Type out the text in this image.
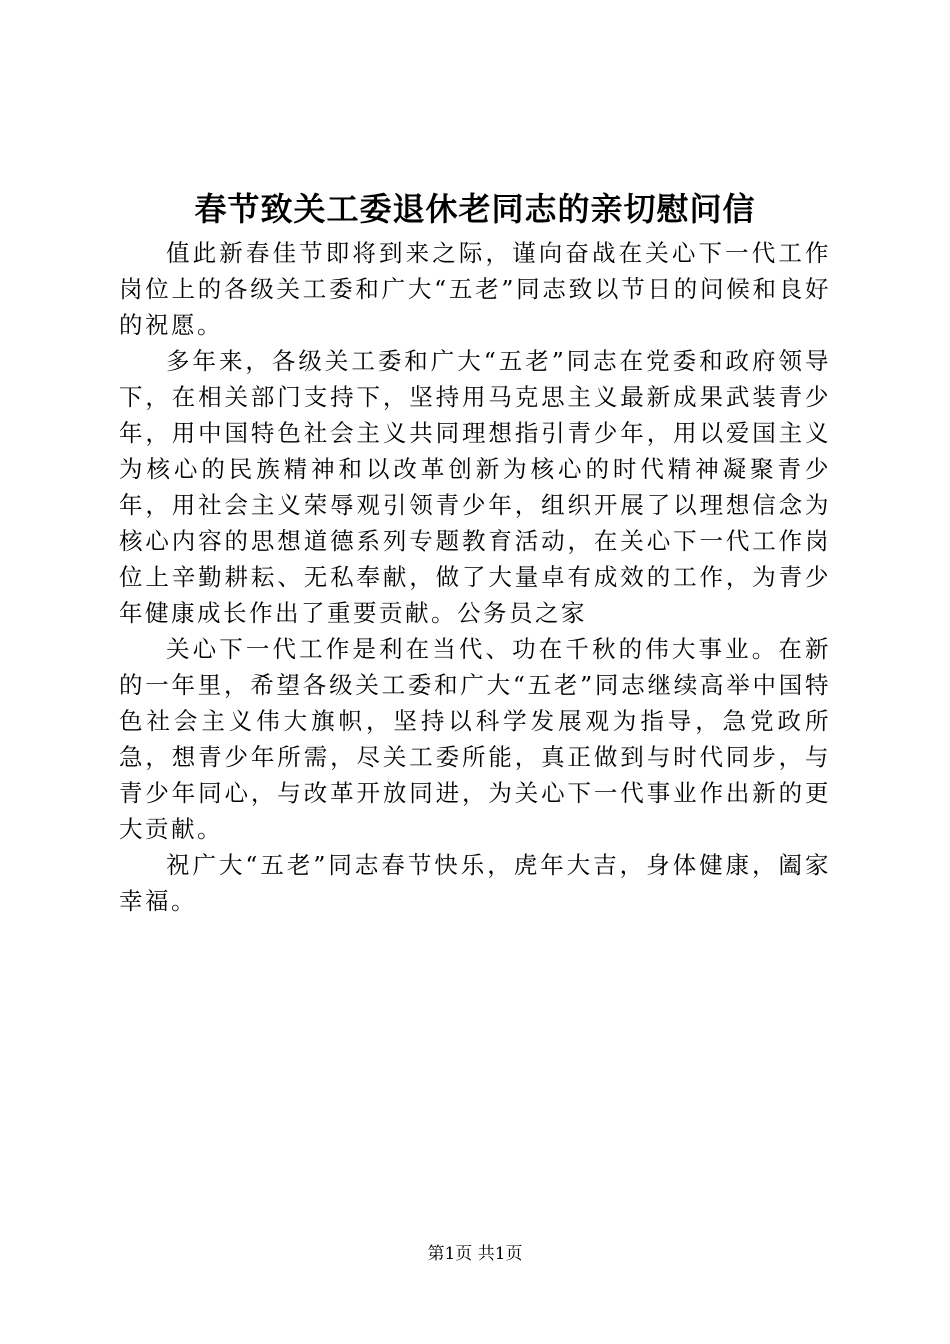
春节致关工委退休老同志的亲切慰问信

值此新春佳节即将到来之际，谨向奋战在关心下一代工作岗位上的各级关工委和广大“五老”同志致以节日的问候和良好的祝愿。

多年来，各级关工委和广大“五老”同志在党委和政府领导下，在相关部门支持下，坚持用马克思主义最新成果武装青少年，用中国特色社会主义共同理想指引青少年，用以爱国主义为核心的民族精神和以改革创新为核心的时代精神凝聚青少年，用社会主义荣辱观引领青少年，组织开展了以理想信念为核心内容的思想道德系列专题教育活动，在关心下一代工作岗位上辛勤耕耘、无私奉献，做了大量卓有成效的工作，为青少年健康成长作出了重要贡献。公务员之家

关心下一代工作是利在当代、功在千秋的伟大事业。在新的一年里，希望各级关工委和广大“五老”同志继续高举中国特色社会主义伟大旗帜，坚持以科学发展观为指导，急党政所急，想青少年所需，尽关工委所能，真正做到与时代同步，与青少年同心，与改革开放同进，为关心下一代事业作出新的更大贡献。

祝广大“五老”同志春节快乐，虎年大吉，身体健康，阖家幸福。

第1页 共1页
